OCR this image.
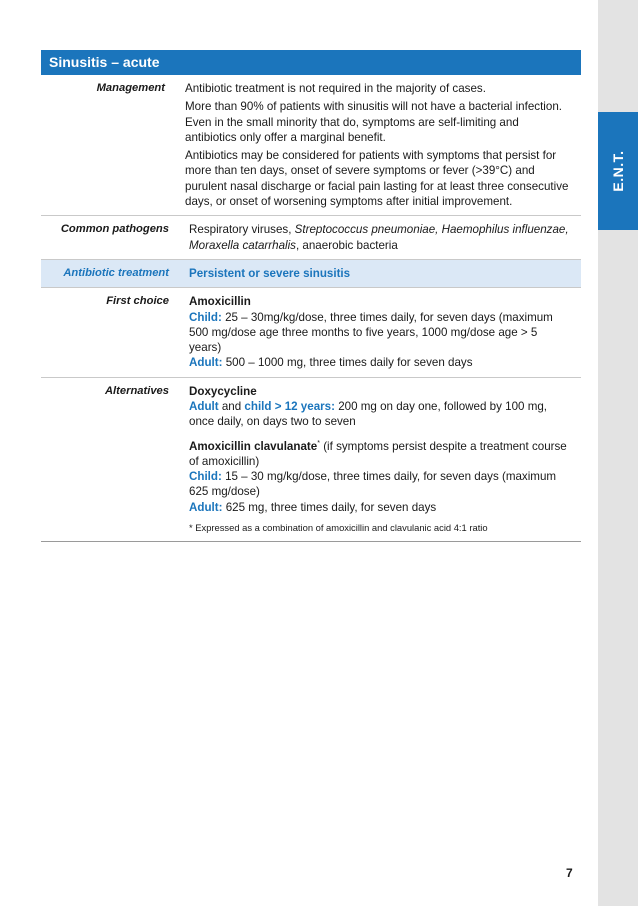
E.N.T.
Sinusitis – acute
Management	Antibiotic treatment is not required in the majority of cases.

More than 90% of patients with sinusitis will not have a bacterial infection. Even in the small minority that do, symptoms are self-limiting and antibiotics only offer a marginal benefit.

Antibiotics may be considered for patients with symptoms that persist for more than ten days, onset of severe symptoms or fever (>39°C) and purulent nasal discharge or facial pain lasting for at least three consecutive days, or onset of worsening symptoms after initial improvement.

Common pathogens	Respiratory viruses, Streptococcus pneumoniae, Haemophilus influenzae, Moraxella catarrhalis, anaerobic bacteria
Antibiotic treatment	Persistent or severe sinusitis
First choice	Amoxicillin
Child: 25 – 30mg/kg/dose, three times daily, for seven days (maximum 500 mg/dose age three months to five years, 1000 mg/dose age > 5 years)
Adult: 500 – 1000 mg, three times daily for seven days
Alternatives	Doxycycline
Adult and child > 12 years: 200 mg on day one, followed by 100 mg, once daily, on days two to seven

Amoxicillin clavulanate* (if symptoms persist despite a treatment course of amoxicillin)
Child: 15 – 30 mg/kg/dose, three times daily, for seven days (maximum 625 mg/dose)
Adult: 625 mg, three times daily, for seven days

* Expressed as a combination of amoxicillin and clavulanic acid 4:1 ratio
7
